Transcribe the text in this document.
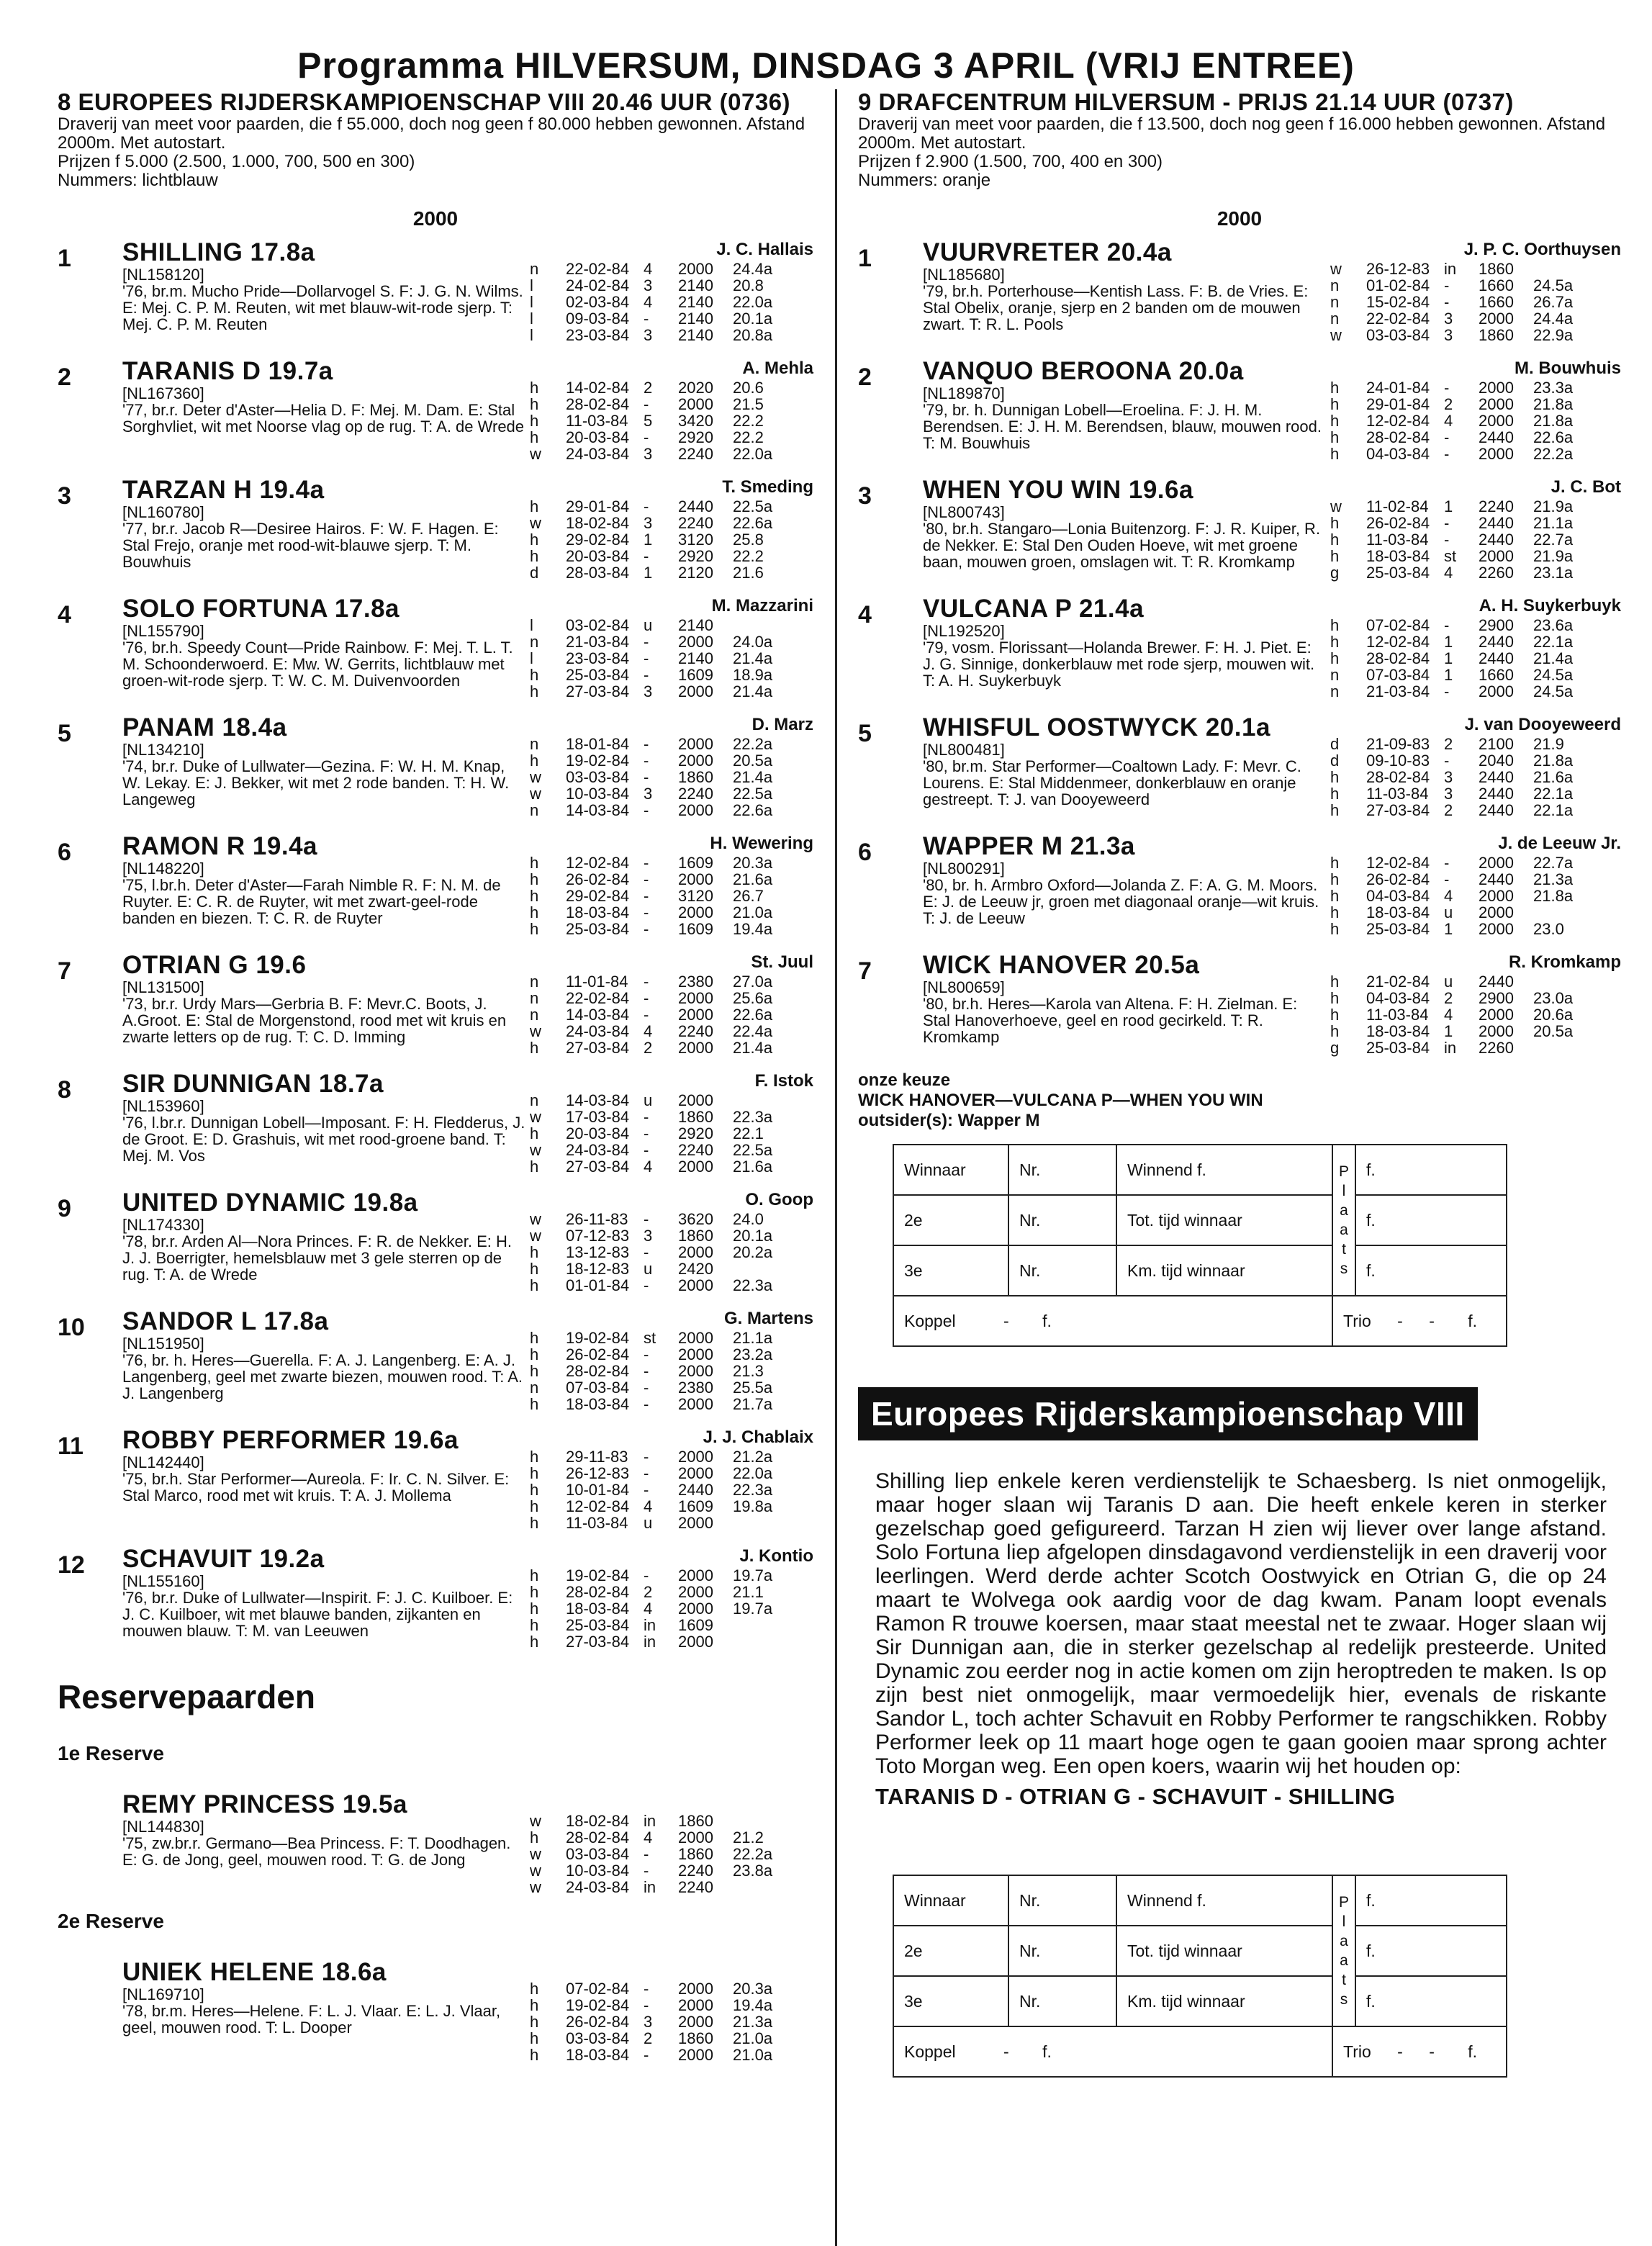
Programma HILVERSUM, DINSDAG 3 APRIL (VRIJ ENTREE)
8 EUROPEES RIJDERSKAMPIOENSCHAP VIII 20.46 UUR (0736)
Draverij van meet voor paarden, die f 55.000, doch nog geen f 80.000 hebben gewonnen. Afstand 2000m. Met autostart.
Prijzen f 5.000 (2.500, 1.000, 700, 500 en 300)
Nummers: lichtblauw
2000
1	SHILLING 17.8a
[NL158120]
'76, br.m. Mucho Pride—Dollarvogel S. F: J. G. N. Wilms. E: Mej. C. P. M. Reuten, wit met blauw-wit-rode sjerp. T: Mej. C. P. M. Reuten
J. C. Hallais
n	22-02-84 4	2000	24.4a
l	24-02-84 3	2140	20.8
l	02-03-84 4	2140	22.0a
l	09-03-84 -	2140	20.1a
l	23-03-84 3	2140	20.8a
2	TARANIS D 19.7a
[NL167360]
'77, br.r. Deter d'Aster—Helia D. F: Mej. M. Dam. E: Stal Sorghvliet, wit met Noorse vlag op de rug. T: A. de Wrede
A. Mehla
h	14-02-84 2	2020	20.6
h	28-02-84 -	2000	21.5
h	11-03-84 5	3420	22.2
h	20-03-84 -	2920	22.2
w	24-03-84 3	2240	22.0a
3	TARZAN H 19.4a
[NL160780]
'77, br.r. Jacob R—Desiree Hairos. F: W. F. Hagen. E: Stal Frejo, oranje met rood-wit-blauwe sjerp. T: M. Bouwhuis
T. Smeding
h	29-01-84 -	2440	22.5a
w	18-02-84 3	2240	22.6a
h	29-02-84 1	3120	25.8
h	20-03-84 -	2920	22.2
d	28-03-84 1	2120	21.6
4	SOLO FORTUNA 17.8a
[NL155790]
'76, br.h. Speedy Count—Pride Rainbow. F: Mej. T. L. T. M. Schoonderwoerd. E: Mw. W. Gerrits, lichtblauw met groen-wit-rode sjerp. T: W. C. M. Duivenvoorden
M. Mazzarini
l	03-02-84 u	2140
n	21-03-84 -	2000	24.0a
l	23-03-84 -	2140	21.4a
h	25-03-84 -	1609	18.9a
h	27-03-84 3	2000	21.4a
5	PANAM 18.4a
[NL134210]
'74, br.r. Duke of Lullwater—Gezina. F: W. H. M. Knap, W. Lekay. E: J. Bekker, wit met 2 rode banden. T: H. W. Langeweg
D. Marz
n	18-01-84 -	2000	22.2a
h	19-02-84 -	2000	20.5a
w	03-03-84 -	1860	21.4a
w	10-03-84 3	2240	22.5a
n	14-03-84 -	2000	22.6a
6	RAMON R 19.4a
[NL148220]
'75, l.br.h. Deter d'Aster—Farah Nimble R. F: N. M. de Ruyter. E: C. R. de Ruyter, wit met zwart-geel-rode banden en biezen. T: C. R. de Ruyter
H. Wewering
h	12-02-84 -	1609	20.3a
h	26-02-84 -	2000	21.6a
h	29-02-84 -	3120	26.7
h	18-03-84 -	2000	21.0a
h	25-03-84 -	1609	19.4a
7	OTRIAN G 19.6
[NL131500]
'73, br.r. Urdy Mars—Gerbria B. F: Mevr.C. Boots, J. A.Groot. E: Stal de Morgenstond, rood met wit kruis en zwarte letters op de rug. T: C. D. Imming
St. Juul
n	11-01-84 -	2380	27.0a
n	22-02-84 -	2000	25.6a
n	14-03-84 -	2000	22.6a
w	24-03-84 4	2240	22.4a
h	27-03-84 2	2000	21.4a
8	SIR DUNNIGAN 18.7a
[NL153960]
'76, l.br.r. Dunnigan Lobell—Imposant. F: H. Fledderus, J. de Groot. E: D. Grashuis, wit met rood-groene band. T: Mej. M. Vos
F. Istok
n	14-03-84 u	2000
w	17-03-84 -	1860	22.3a
h	20-03-84 -	2920	22.1
w	24-03-84 -	2240	22.5a
h	27-03-84 4	2000	21.6a
9	UNITED DYNAMIC 19.8a
[NL174330]
'78, br.r. Arden Al—Nora Princes. F: R. de Nekker. E: H. J. J. Boerrigter, hemelsblauw met 3 gele sterren op de rug. T: A. de Wrede
O. Goop
w	26-11-83 -	3620	24.0
w	07-12-83 3	1860	20.1a
h	13-12-83 -	2000	20.2a
h	18-12-83 u	2420
h	01-01-84 -	2000	22.3a
10	SANDOR L 17.8a
[NL151950]
'76, br. h. Heres—Guerella. F: A. J. Langenberg. E: A. J. Langenberg, geel met zwarte biezen, mouwen rood. T: A. J. Langenberg
G. Martens
h	19-02-84 st	2000	21.1a
h	26-02-84 -	2000	23.2a
h	28-02-84 -	2000	21.3
n	07-03-84 -	2380	25.5a
h	18-03-84 -	2000	21.7a
11	ROBBY PERFORMER 19.6a
[NL142440]
'75, br.h. Star Performer—Aureola. F: Ir. C. N. Silver. E: Stal Marco, rood met wit kruis. T: A. J. Mollema
J. J. Chablaix
h	29-11-83 -	2000	21.2a
h	26-12-83 -	2000	22.0a
h	10-01-84 -	2440	22.3a
h	12-02-84 4	1609	19.8a
h	11-03-84 u	2000
12	SCHAVUIT 19.2a
[NL155160]
'76, br.r. Duke of Lullwater—Inspirit. F: J. C. Kuilboer. E: J. C. Kuilboer, wit met blauwe banden, zijkanten en mouwen blauw. T: M. van Leeuwen
J. Kontio
h	19-02-84 -	2000	19.7a
h	28-02-84 2	2000	21.1
h	18-03-84 4	2000	19.7a
h	25-03-84 in	1609
h	27-03-84 in	2000
Reservepaarden
1e Reserve
REMY PRINCESS 19.5a
[NL144830]
'75, zw.br.r. Germano—Bea Princess. F: T. Doodhagen. E: G. de Jong, geel, mouwen rood. T: G. de Jong
w	18-02-84 in	1860
h	28-02-84 4	2000	21.2
w	03-03-84 -	1860	22.2a
w	10-03-84 -	2240	23.8a
w	24-03-84 in	2240
2e Reserve
UNIEK HELENE 18.6a
[NL169710]
'78, br.m. Heres—Helene. F: L. J. Vlaar. E: L. J. Vlaar, geel, mouwen rood. T: L. Dooper
h	07-02-84 -	2000	20.3a
h	19-02-84 -	2000	19.4a
h	26-02-84 3	2000	21.3a
h	03-03-84 2	1860	21.0a
h	18-03-84 -	2000	21.0a
9 DRAFCENTRUM HILVERSUM - PRIJS 21.14 UUR (0737)
Draverij van meet voor paarden, die f 13.500, doch nog geen f 16.000 hebben gewonnen. Afstand 2000m. Met autostart.
Prijzen f 2.900 (1.500, 700, 400 en 300)
Nummers: oranje
2000
1	VUURVRETER 20.4a
[NL185680]
'79, br.h. Porterhouse—Kentish Lass. F: B. de Vries. E: Stal Obelix, oranje, sjerp en 2 banden om de mouwen zwart. T: R. L. Pools
J. P. C. Oorthuysen
w	26-12-83 in	1860
n	01-02-84 -	1660	24.5a
n	15-02-84 -	1660	26.7a
n	22-02-84 3	2000	24.4a
w	03-03-84 3	1860	22.9a
2	VANQUO BEROONA 20.0a
[NL189870]
'79, br. h. Dunnigan Lobell—Eroelina. F: J. H. M. Berendsen. E: J. H. M. Berendsen, blauw, mouwen rood. T: M. Bouwhuis
M. Bouwhuis
h	24-01-84 -	2000	23.3a
h	29-01-84 2	2000	21.8a
h	12-02-84 4	2000	21.8a
h	28-02-84 -	2440	22.6a
h	04-03-84 -	2000	22.2a
3	WHEN YOU WIN 19.6a
[NL800743]
'80, br.h. Stangaro—Lonia Buitenzorg. F: J. R. Kuiper, R. de Nekker. E: Stal Den Ouden Hoeve, wit met groene baan, mouwen groen, omslagen wit. T: R. Kromkamp
J. C. Bot
w	11-02-84 1	2240	21.9a
h	26-02-84 -	2440	21.1a
h	11-03-84 -	2440	22.7a
h	18-03-84 st	2000	21.9a
g	25-03-84 4	2260	23.1a
4	VULCANA P 21.4a
[NL192520]
'79, vosm. Florissant—Holanda Brewer. F: H. J. Piet. E: J. G. Sinnige, donkerblauw met rode sjerp, mouwen wit. T: A. H. Suykerbuyk
A. H. Suykerbuyk
h	07-02-84 -	2900	23.6a
h	12-02-84 1	2440	22.1a
h	28-02-84 1	2440	21.4a
n	07-03-84 1	1660	24.5a
n	21-03-84 -	2000	24.5a
5	WHISFUL OOSTWYCK 20.1a
[NL800481]
'80, br.m. Star Performer—Coaltown Lady. F: Mevr. C. Lourens. E: Stal Middenmeer, donkerblauw en oranje gestreept. T: J. van Dooyeweerd
J. van Dooyeweerd
d	21-09-83 2	2100	21.9
d	09-10-83 -	2040	21.8a
h	28-02-84 3	2440	21.6a
h	11-03-84 3	2440	22.1a
h	27-03-84 2	2440	22.1a
6	WAPPER M 21.3a
[NL800291]
'80, br. h. Armbro Oxford—Jolanda Z. F: A. G. M. Moors. E: J. de Leeuw jr, groen met diagonaal oranje—wit kruis. T: J. de Leeuw
J. de Leeuw Jr.
h	12-02-84 -	2000	22.7a
h	26-02-84 -	2440	21.3a
h	04-03-84 4	2000	21.8a
h	18-03-84 u	2000
h	25-03-84 1	2000	23.0
7	WICK HANOVER 20.5a
[NL800659]
'80, br.h. Heres—Karola van Altena. F: H. Zielman. E: Stal Hanoverhoeve, geel en rood gecirkeld. T: R. Kromkamp
R. Kromkamp
h	21-02-84 u	2440
h	04-03-84 2	2900	23.0a
h	11-03-84 4	2000	20.6a
h	18-03-84 1	2000	20.5a
g	25-03-84 in	2260
onze keuze
WICK HANOVER—VULCANA P—WHEN YOU WIN
outsider(s): Wapper M
Winnaar	Nr.	Winnend f.	P l a a t s	f.
2e	Nr.	Tot. tijd winnaar		f.
3e	Nr.	Km. tijd winnaar		f.
Koppel - f.			Trio - - f.	
Europees Rijderskampioenschap VIII
Shilling liep enkele keren verdienstelijk te Schaesberg. Is niet onmogelijk, maar hoger slaan wij Taranis D aan. Die heeft enkele keren in sterker gezelschap goed gefigureerd. Tarzan H zien wij liever over lange afstand. Solo Fortuna liep afgelopen dinsdagavond verdienstelijk in een draverij voor leerlingen. Werd derde achter Scotch Oostwyick en Otrian G, die op 24 maart te Wolvega ook aardig voor de dag kwam. Panam loopt evenals Ramon R trouwe koersen, maar staat meestal net te zwaar. Hoger slaan wij Sir Dunnigan aan, die in sterker gezelschap al redelijk presteerde. United Dynamic zou eerder nog in actie komen om zijn heroptreden te maken. Is op zijn best niet onmogelijk, maar vermoedelijk hier, evenals de riskante Sandor L, toch achter Schavuit en Robby Performer te rangschikken. Robby Performer leek op 11 maart hoge ogen te gaan gooien maar sprong achter Toto Morgan weg. Een open koers, waarin wij het houden op:
TARANIS D - OTRIAN G - SCHAVUIT - SHILLING
Winnaar	Nr.	Winnend f.	P l a a t s	f.
2e	Nr.	Tot. tijd winnaar		f.
3e	Nr.	Km. tijd winnaar		f.
Koppel - f.			Trio - - f.	
